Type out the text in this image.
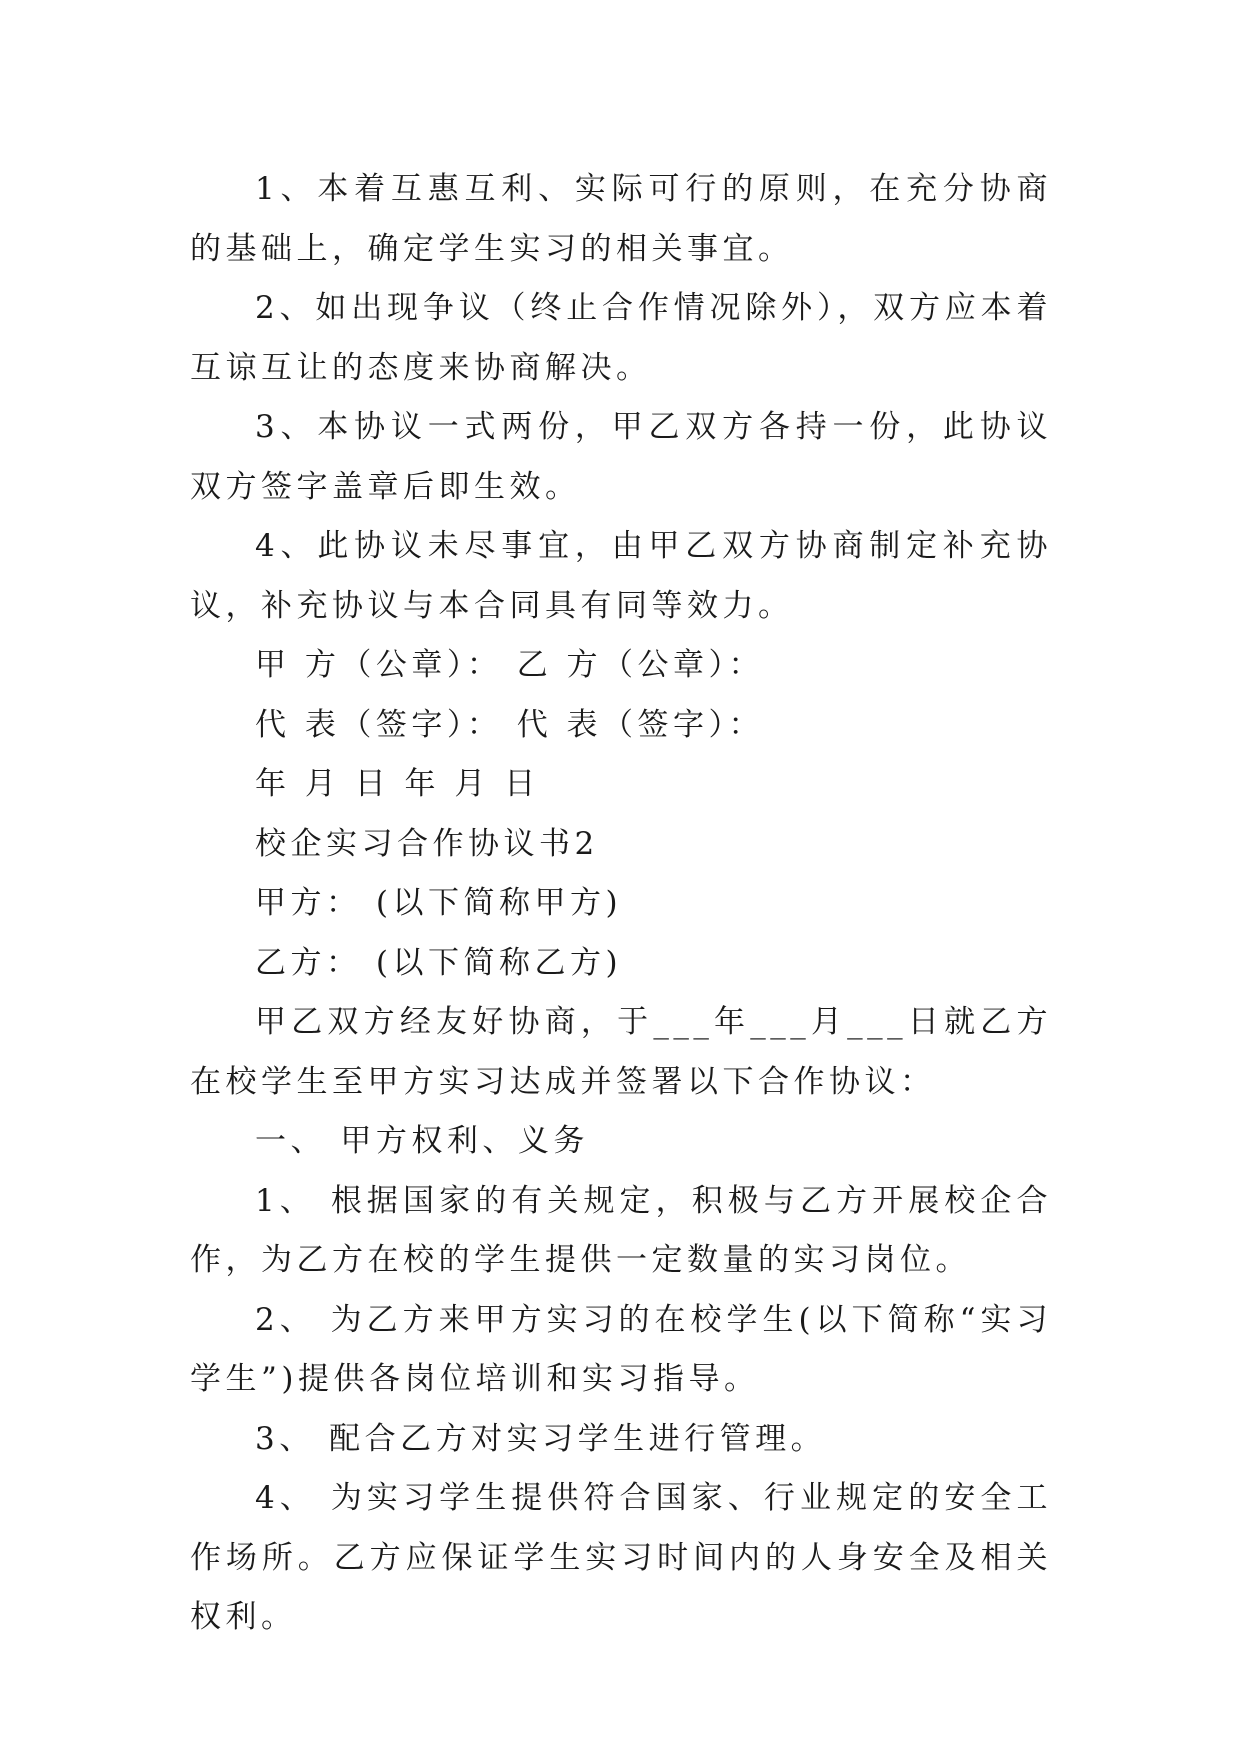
1、本着互惠互利、实际可行的原则，在充分协商的基础上，确定学生实习的相关事宜。

2、如出现争议（终止合作情况除外），双方应本着互谅互让的态度来协商解决。

3、本协议一式两份，甲乙双方各持一份，此协议双方签字盖章后即生效。

4、此协议未尽事宜，由甲乙双方协商制定补充协议，补充协议与本合同具有同等效力。

甲 方（公章）： 乙 方（公章）：

代 表（签字）： 代 表（签字）：

年 月 日 年 月 日

校企实习合作协议书2

甲方： (以下简称甲方)

乙方： (以下简称乙方)

甲乙双方经友好协商，于___年___月___日就乙方在校学生至甲方实习达成并签署以下合作协议：

一、 甲方权利、义务

1、 根据国家的有关规定，积极与乙方开展校企合作，为乙方在校的学生提供一定数量的实习岗位。

2、 为乙方来甲方实习的在校学生(以下简称“实习学生”)提供各岗位培训和实习指导。

3、 配合乙方对实习学生进行管理。

4、 为实习学生提供符合国家、行业规定的安全工作场所。乙方应保证学生实习时间内的人身安全及相关权利。
